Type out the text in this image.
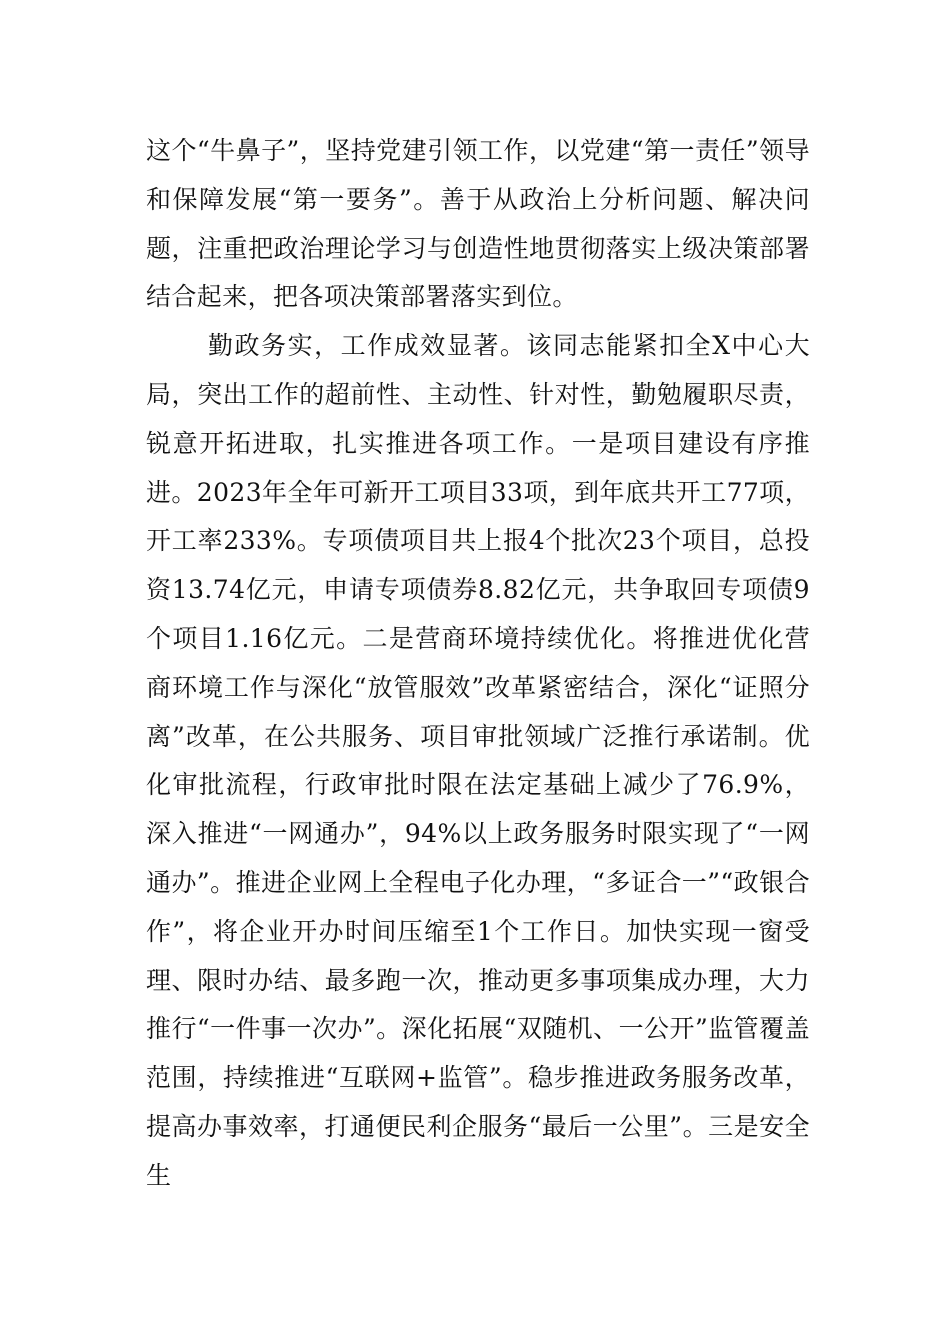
这个“牛鼻子”，坚持党建引领工作，以党建“第一责任”领导和保障发展“第一要务”。善于从政治上分析问题、解决问题，注重把政治理论学习与创造性地贯彻落实上级决策部署结合起来，把各项决策部署落实到位。

勤政务实，工作成效显著。该同志能紧扣全X中心大局，突出工作的超前性、主动性、针对性，勤勉履职尽责，锐意开拓进取，扎实推进各项工作。一是项目建设有序推进。2023年全年可新开工项目33项，到年底共开工77项，开工率233%。专项债项目共上报4个批次23个项目，总投资13.74亿元，申请专项债券8.82亿元，共争取回专项债9个项目1.16亿元。二是营商环境持续优化。将推进优化营商环境工作与深化“放管服效”改革紧密结合，深化“证照分离”改革，在公共服务、项目审批领域广泛推行承诺制。优化审批流程，行政审批时限在法定基础上减少了76.9%，深入推进“一网通办”，94%以上政务服务时限实现了“一网通办”。推进企业网上全程电子化办理，“多证合一”“政银合作”，将企业开办时间压缩至1个工作日。加快实现一窗受理、限时办结、最多跑一次，推动更多事项集成办理，大力推行“一件事一次办”。深化拓展“双随机、一公开”监管覆盖范围，持续推进“互联网+监管”。稳步推进政务服务改革，提高办事效率，打通便民利企服务“最后一公里”。三是安全生
